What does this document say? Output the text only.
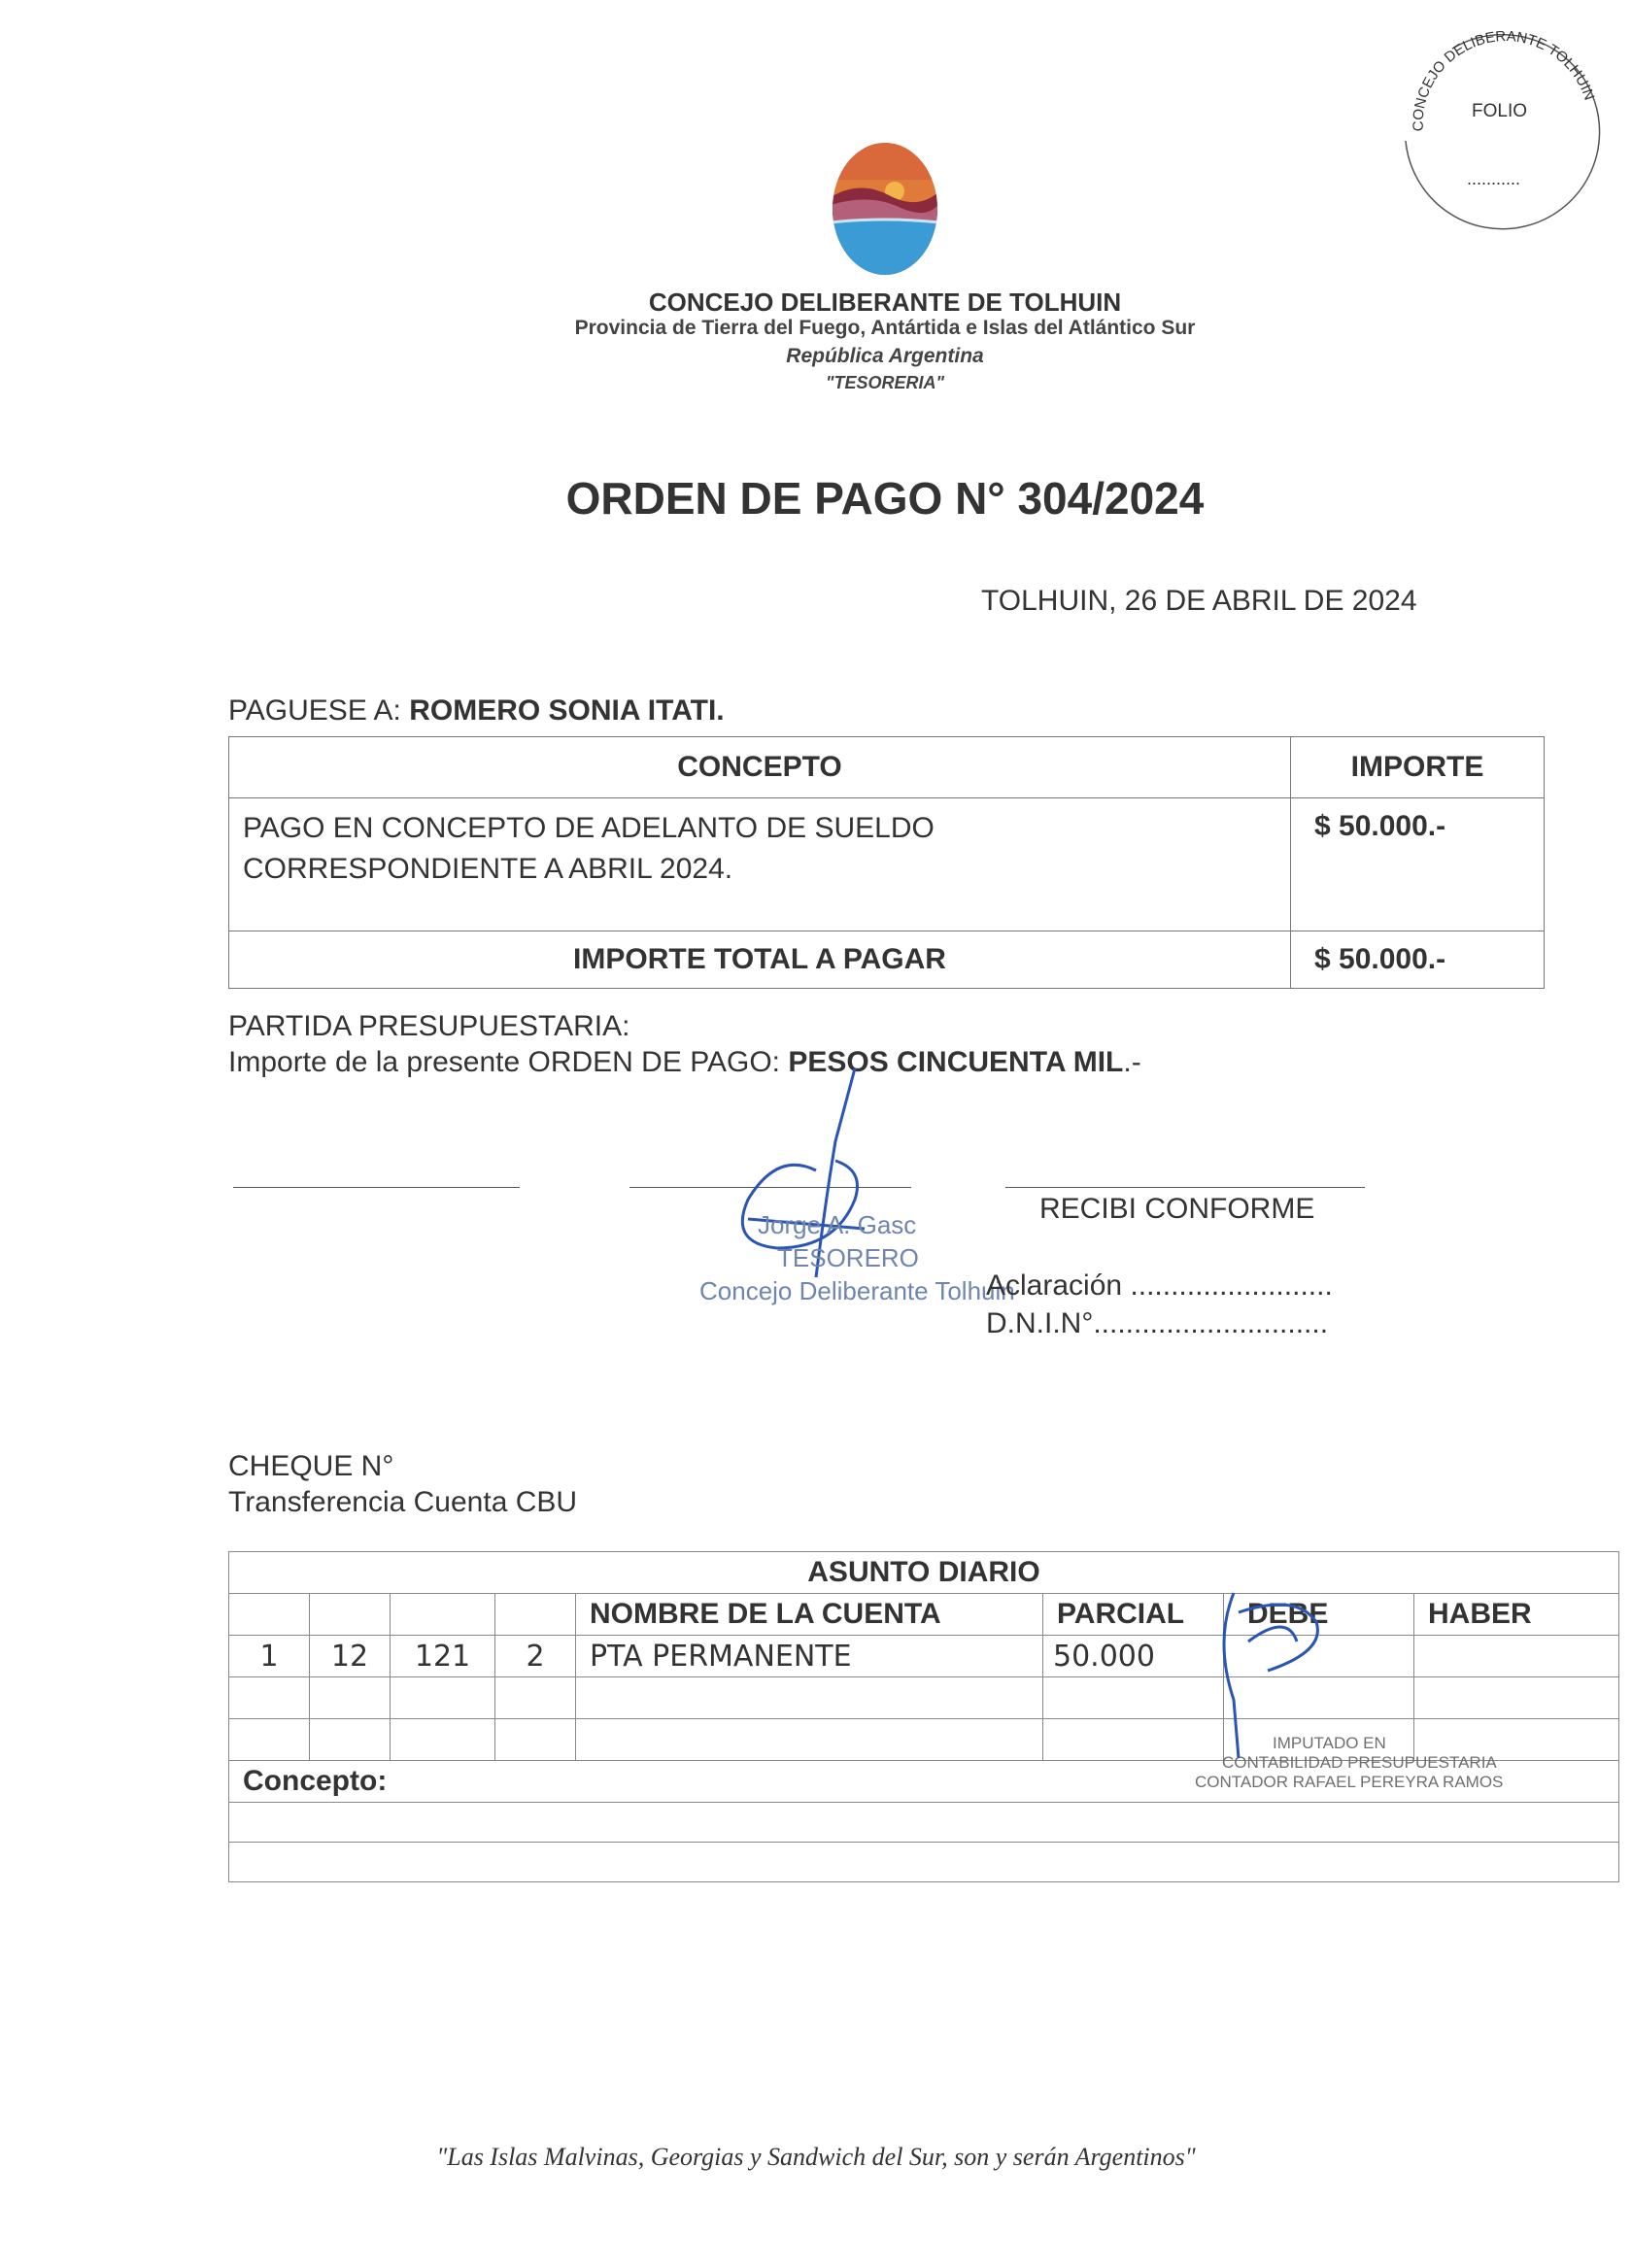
CONCEJO DELIBERANTE TOLHUIN
FOLIO
...........
CONCEJO DELIBERANTE DE TOLHUIN
Provincia de Tierra del Fuego, Antártida e Islas del Atlántico Sur
República Argentina
"TESORERIA"
ORDEN DE PAGO N° 304/2024
TOLHUIN, 26 DE ABRIL DE 2024
PAGUESE A: ROMERO SONIA ITATI.
CONCEPTO	IMPORTE

PAGO EN CONCEPTO DE ADELANTO DE SUELDO
CORRESPONDIENTE A ABRIL 2024.	$ 50.000.-
IMPORTE TOTAL A PAGAR	$ 50.000.-
PARTIDA PRESUPUESTARIA:
Importe de la presente ORDEN DE PAGO: PESOS CINCUENTA MIL.-
Jorge A. Gasc
TESORERO
Concejo Deliberante Tolhuin
RECIBI CONFORME
Aclaración .........................
D.N.I.N°.............................
CHEQUE N°
Transferencia Cuenta CBU
ASUNTO DIARIO							
				NOMBRE DE LA CUENTA	PARCIAL	DEBE	HABER
1	12	121	2	PTA PERMANENTE	50.000		

Concepto:							

IMPUTADO EN
CONTABILIDAD PRESUPUESTARIA
CONTADOR RAFAEL PEREYRA RAMOS
"Las Islas Malvinas, Georgias y Sandwich del Sur, son y serán Argentinos"
